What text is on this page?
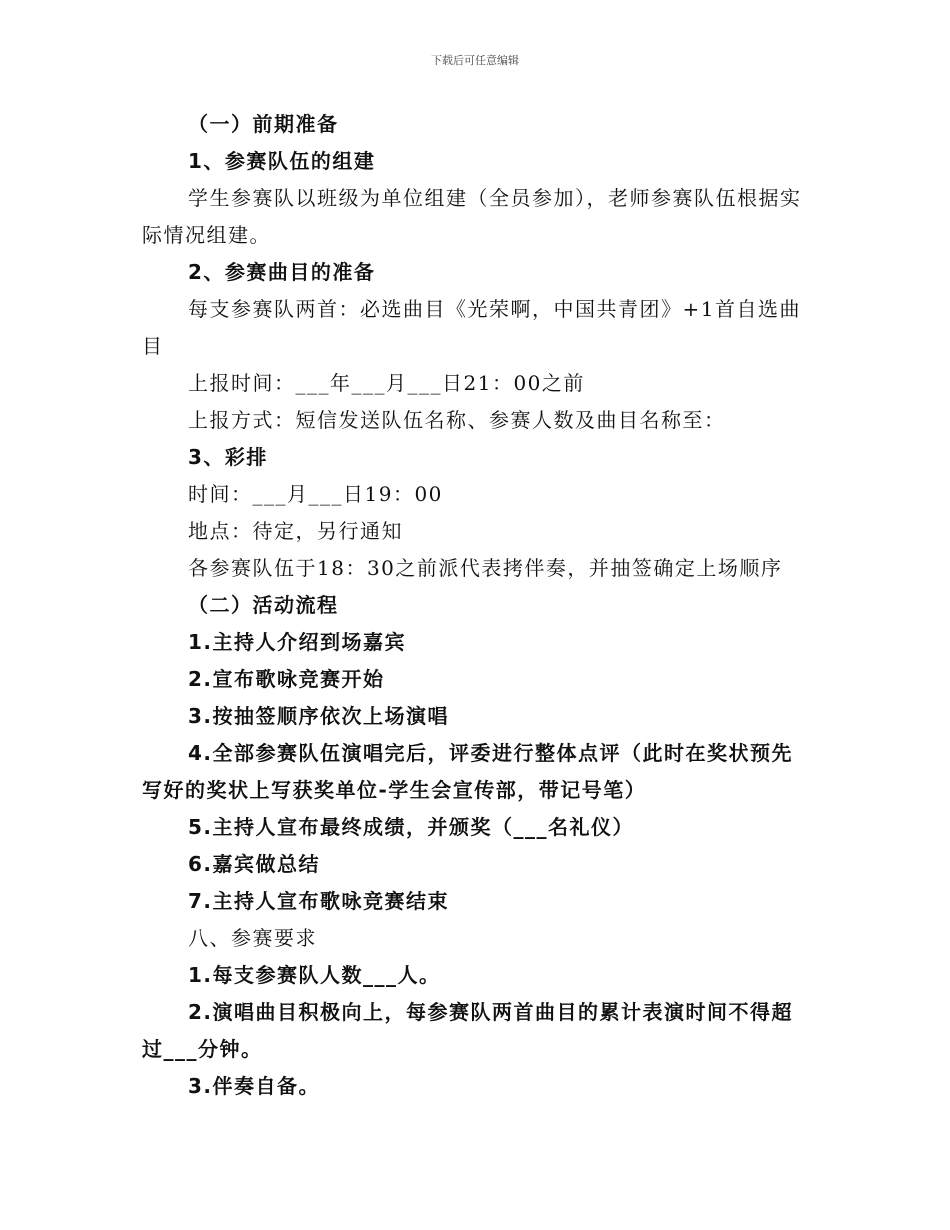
下载后可任意编辑

（一）前期准备

1、参赛队伍的组建

学生参赛队以班级为单位组建（全员参加），老师参赛队伍根据实际情况组建。

2、参赛曲目的准备

每支参赛队两首：必选曲目《光荣啊，中国共青团》+1首自选曲目

上报时间：___年___月___日21：00之前

上报方式：短信发送队伍名称、参赛人数及曲目名称至：

3、彩排

时间：___月___日19：00

地点：待定，另行通知

各参赛队伍于18：30之前派代表拷伴奏，并抽签确定上场顺序

（二）活动流程

1.主持人介绍到场嘉宾

2.宣布歌咏竞赛开始

3.按抽签顺序依次上场演唱

4.全部参赛队伍演唱完后，评委进行整体点评（此时在奖状预先写好的奖状上写获奖单位-学生会宣传部，带记号笔）

5.主持人宣布最终成绩，并颁奖（___名礼仪）

6.嘉宾做总结

7.主持人宣布歌咏竞赛结束

八、参赛要求

1.每支参赛队人数___人。

2.演唱曲目积极向上，每参赛队两首曲目的累计表演时间不得超过___分钟。

3.伴奏自备。
